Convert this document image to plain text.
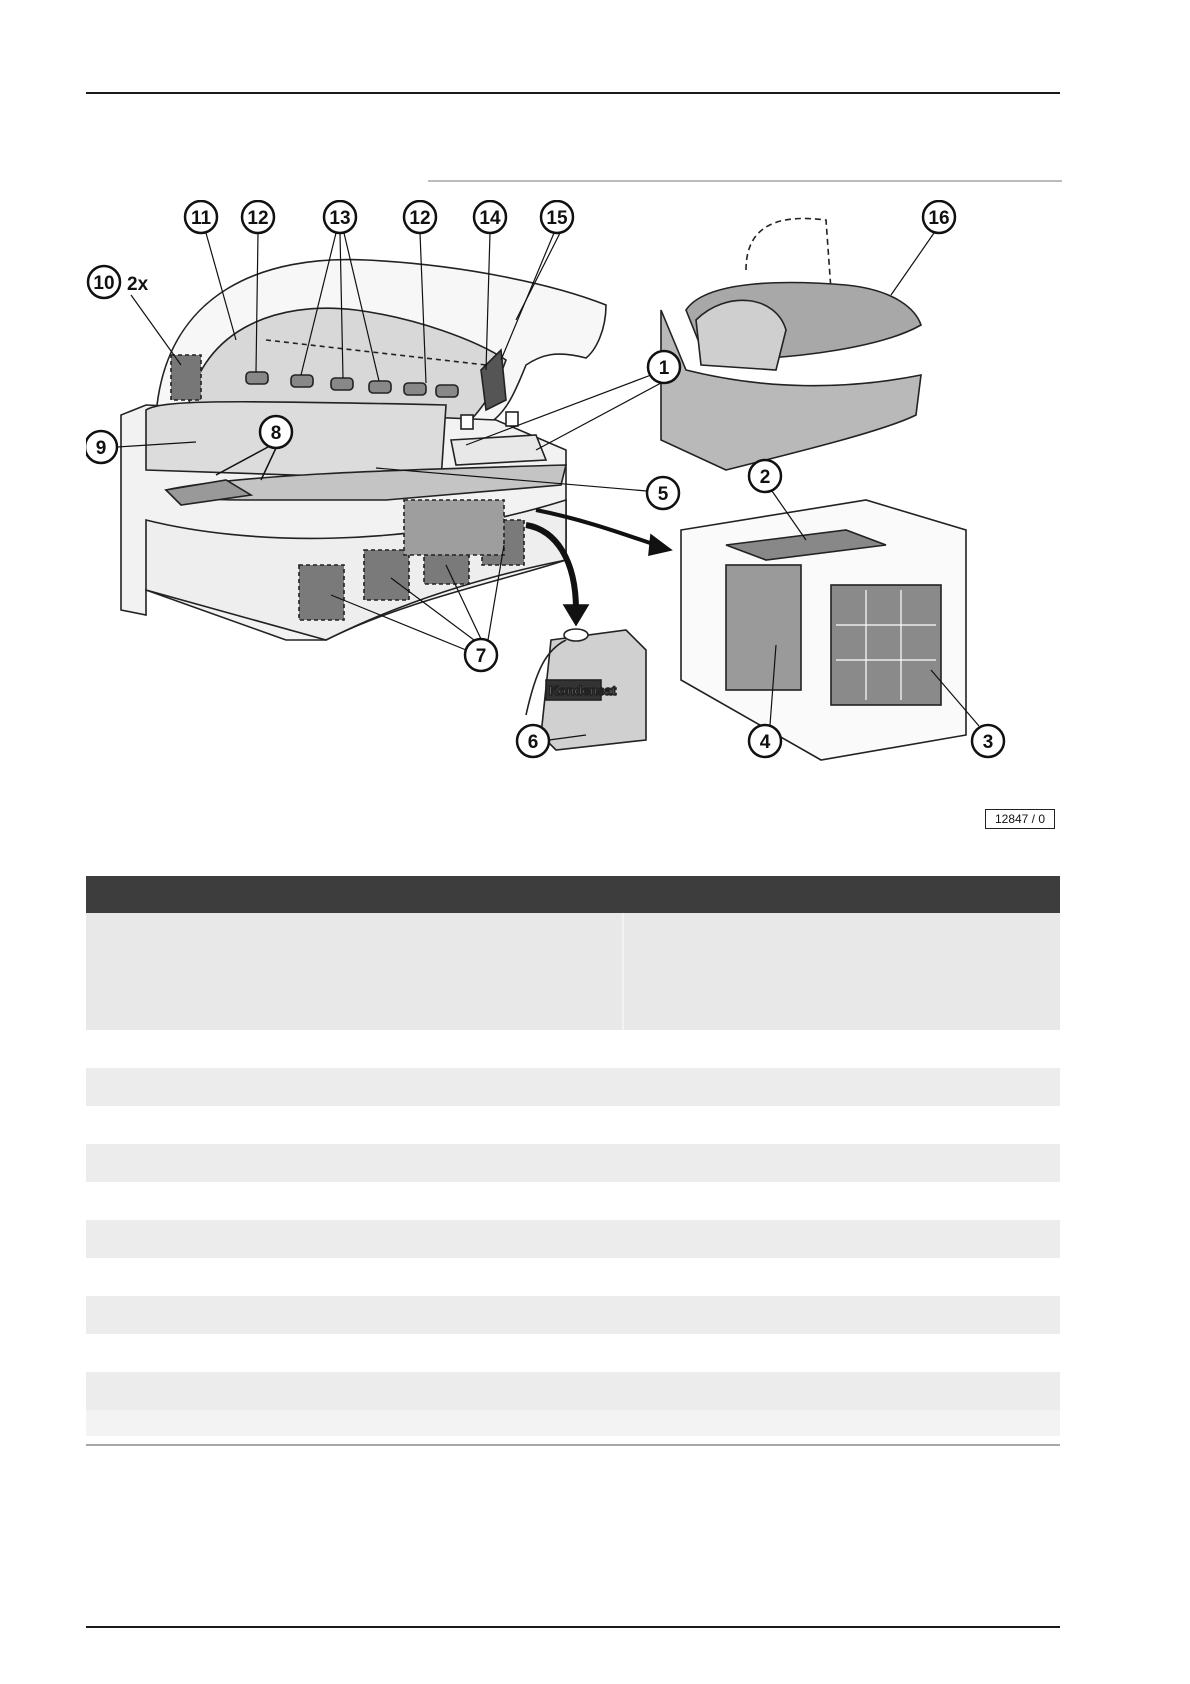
Kondensat
11 12	13	12	14 15	16
10 2x
1
9
8
5
2
7
6	4	3
12847 / 0
